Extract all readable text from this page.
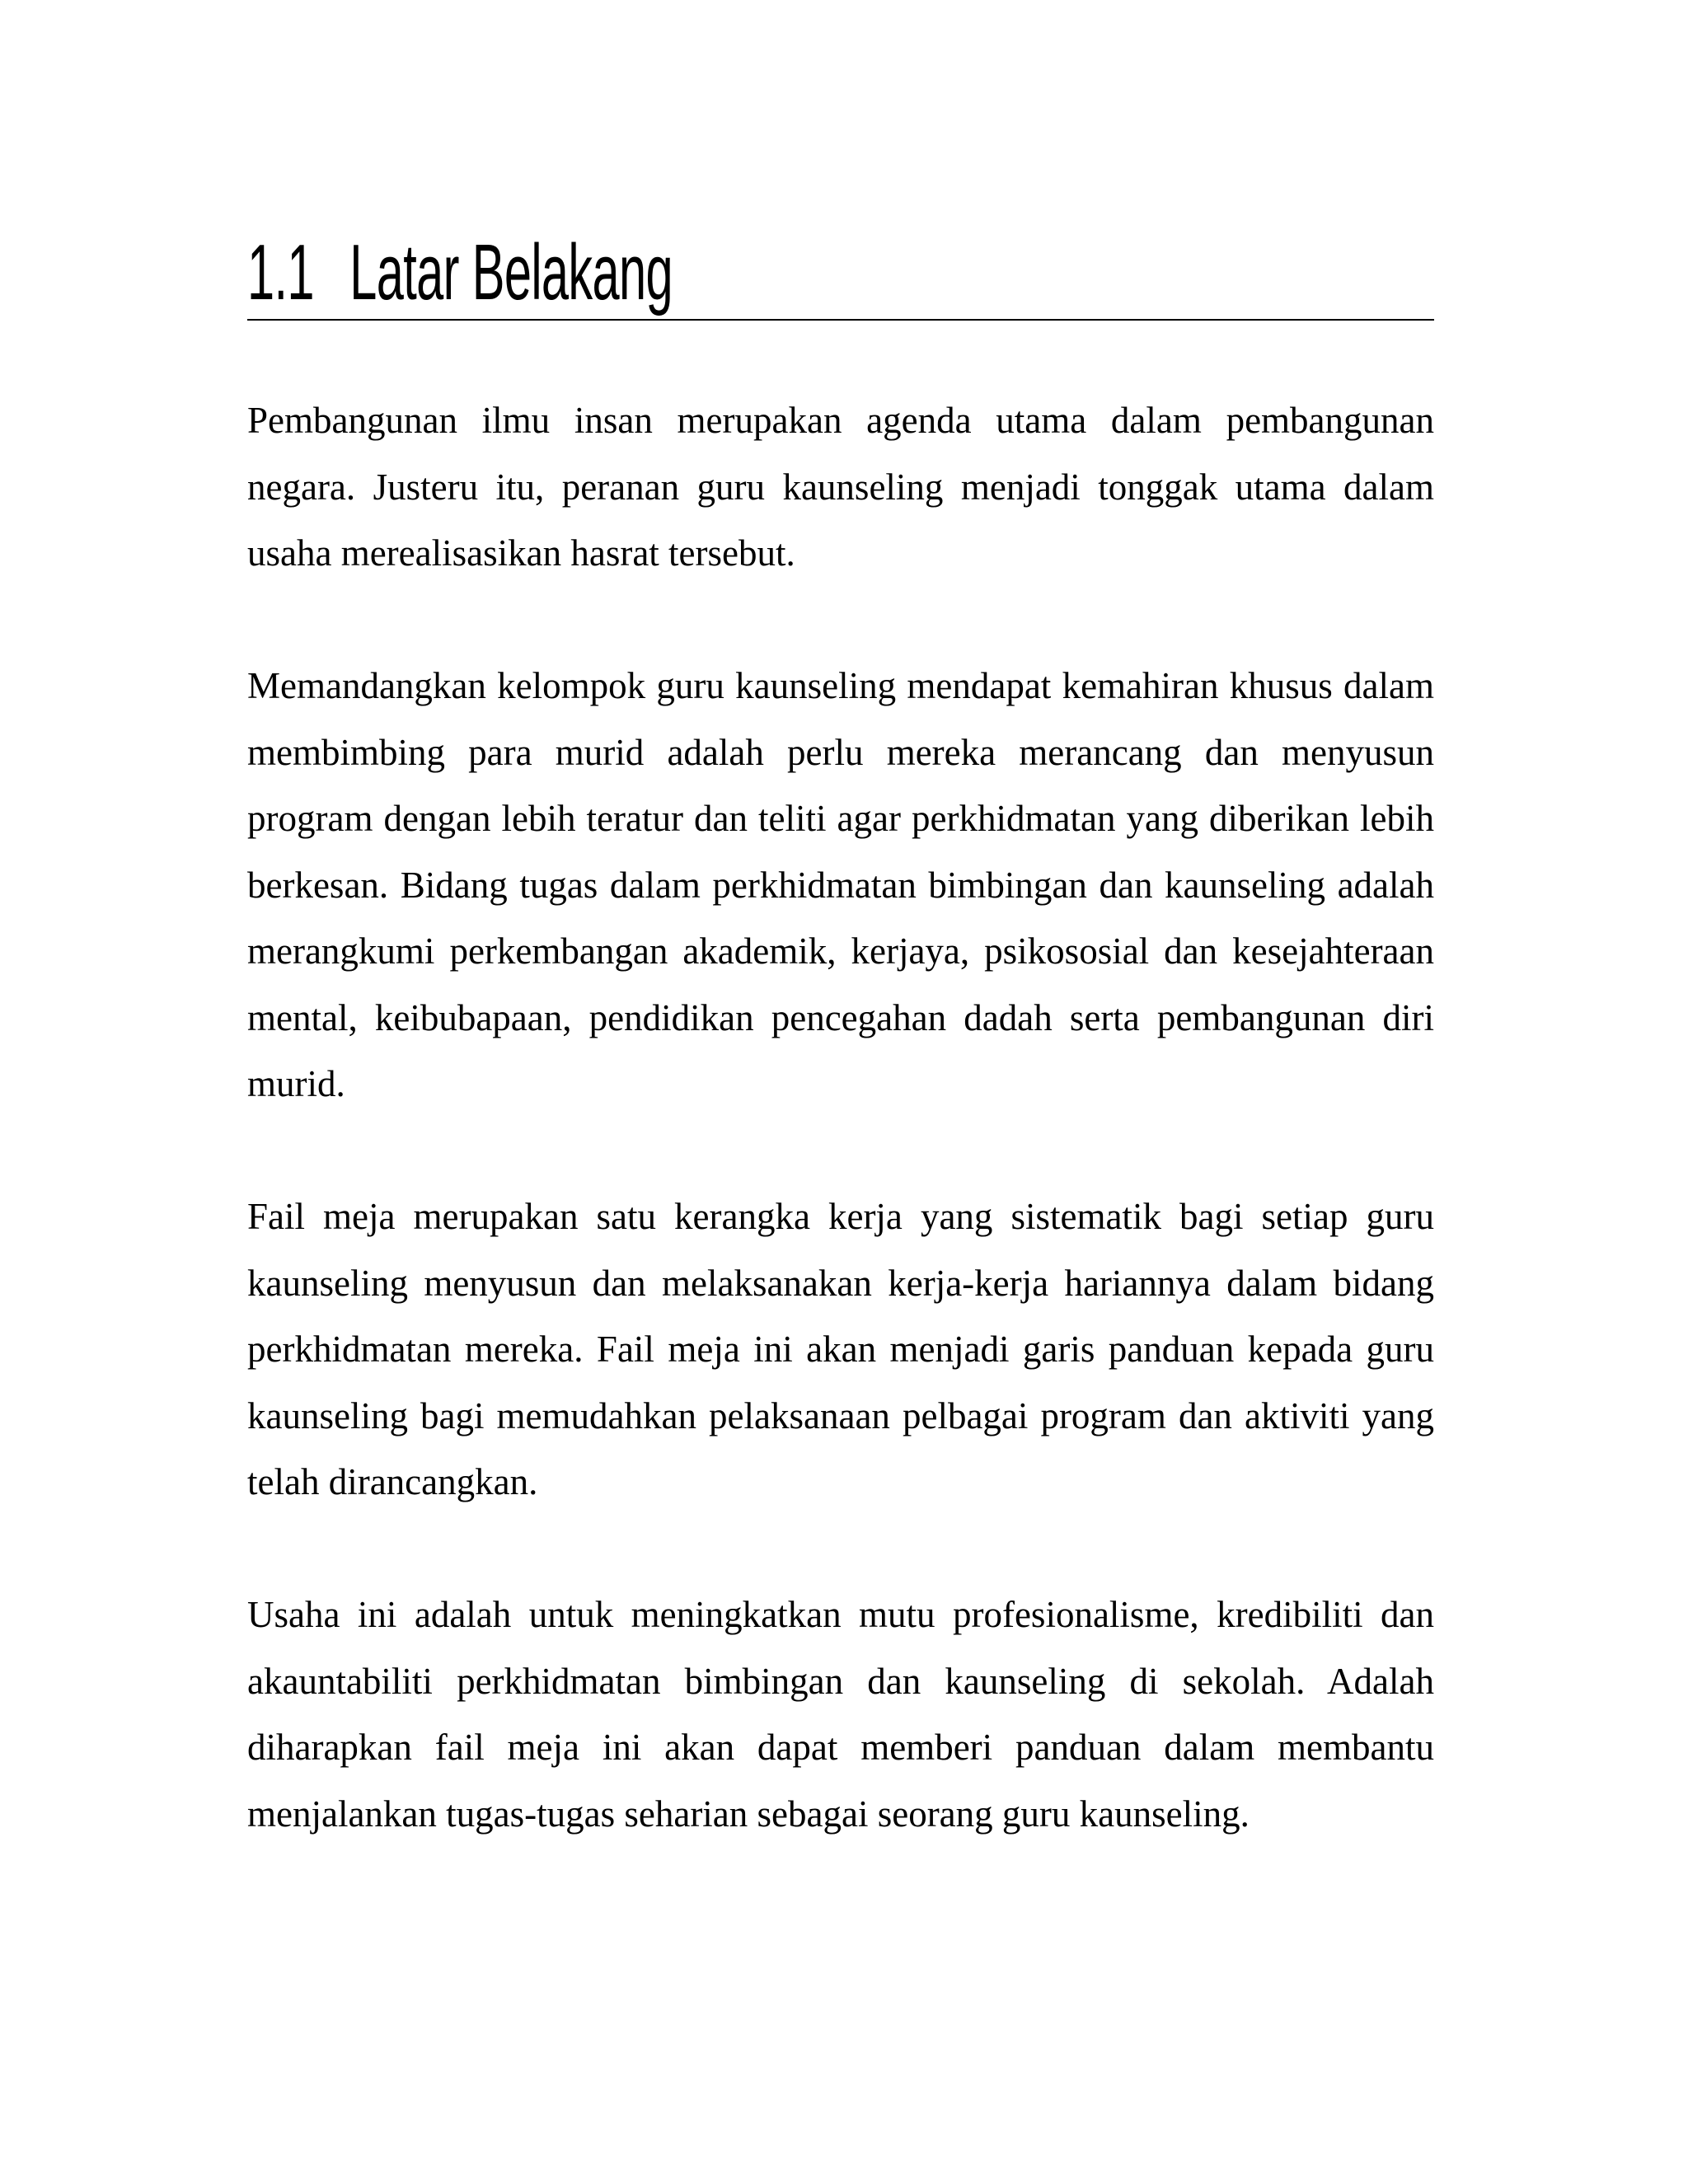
1.1 Latar Belakang

Pembangunan ilmu insan merupakan agenda utama dalam pembangunan negara. Justeru itu, peranan guru kaunseling menjadi tonggak utama dalam usaha merealisasikan hasrat tersebut.

Memandangkan kelompok guru kaunseling mendapat kemahiran khusus dalam membimbing para murid adalah perlu mereka merancang dan menyusun program dengan lebih teratur dan teliti agar perkhidmatan yang diberikan lebih berkesan. Bidang tugas dalam perkhidmatan bimbingan dan kaunseling adalah merangkumi perkembangan akademik, kerjaya, psikososial dan kesejahteraan mental, keibubapaan, pendidikan pencegahan dadah serta pembangunan diri murid.

Fail meja merupakan satu kerangka kerja yang sistematik bagi setiap guru kaunseling menyusun dan melaksanakan kerja-kerja hariannya dalam bidang perkhidmatan mereka. Fail meja ini akan menjadi garis panduan kepada guru kaunseling bagi memudahkan pelaksanaan pelbagai program dan aktiviti yang telah dirancangkan.

Usaha ini adalah untuk meningkatkan mutu profesionalisme, kredibiliti dan akauntabiliti perkhidmatan bimbingan dan kaunseling di sekolah. Adalah diharapkan fail meja ini akan dapat memberi panduan dalam membantu menjalankan tugas-tugas seharian sebagai seorang guru kaunseling.
